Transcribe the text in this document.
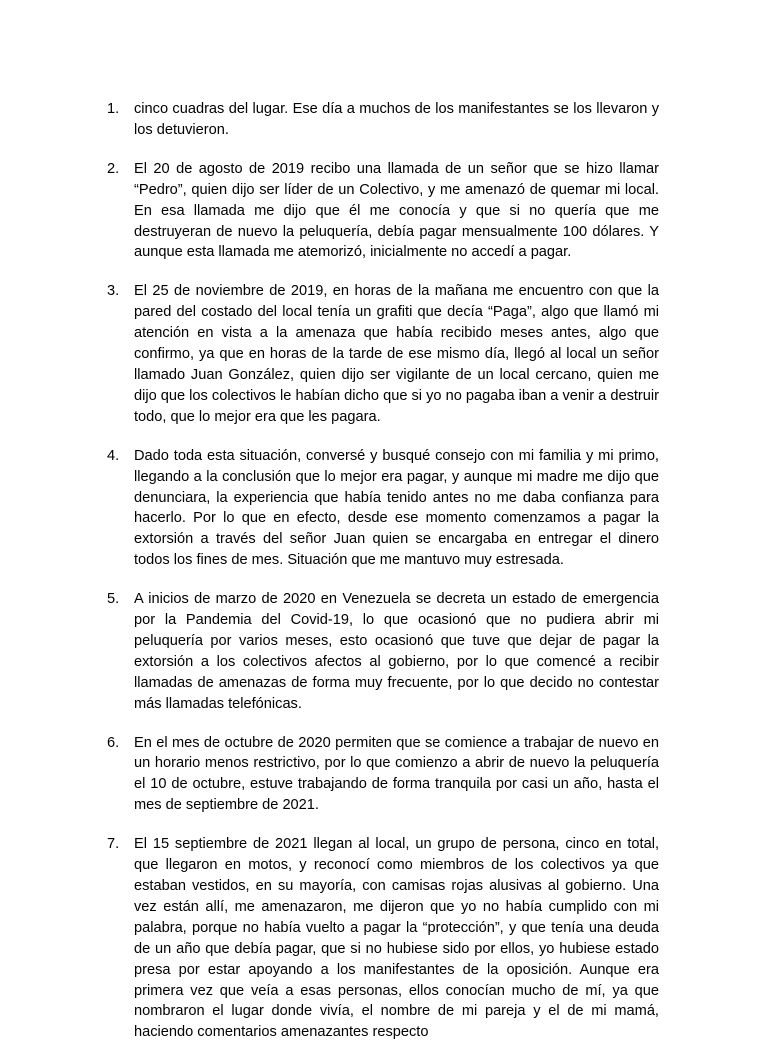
1. cinco cuadras del lugar. Ese día a muchos de los manifestantes se los llevaron y los detuvieron.
2. El 20 de agosto de 2019 recibo una llamada de un señor que se hizo llamar “Pedro”, quien dijo ser líder de un Colectivo, y me amenazó de quemar mi local. En esa llamada me dijo que él me conocía y que si no quería que me destruyeran de nuevo la peluquería, debía pagar mensualmente 100 dólares. Y aunque esta llamada me atemorizó, inicialmente no accedí a pagar.
3. El 25 de noviembre de 2019, en horas de la mañana me encuentro con que la pared del costado del local tenía un grafiti que decía “Paga”, algo que llamó mi atención en vista a la amenaza que había recibido meses antes, algo que confirmo, ya que en horas de la tarde de ese mismo día, llegó al local un señor llamado Juan González, quien dijo ser vigilante de un local cercano, quien me dijo que los colectivos le habían dicho que si yo no pagaba iban a venir a destruir todo, que lo mejor era que les pagara.
4. Dado toda esta situación, conversé y busqué consejo con mi familia y mi primo, llegando a la conclusión que lo mejor era pagar, y aunque mi madre me dijo que denunciara, la experiencia que había tenido antes no me daba confianza para hacerlo. Por lo que en efecto, desde ese momento comenzamos a pagar la extorsión a través del señor Juan quien se encargaba en entregar el dinero todos los fines de mes. Situación que me mantuvo muy estresada.
5. A inicios de marzo de 2020 en Venezuela se decreta un estado de emergencia por la Pandemia del Covid-19, lo que ocasionó que no pudiera abrir mi peluquería por varios meses, esto ocasionó que tuve que dejar de pagar la extorsión a los colectivos afectos al gobierno, por lo que comencé a recibir llamadas de amenazas de forma muy frecuente, por lo que decido no contestar más llamadas telefónicas.
6. En el mes de octubre de 2020 permiten que se comience a trabajar de nuevo en un horario menos restrictivo, por lo que comienzo a abrir de nuevo la peluquería el 10 de octubre, estuve trabajando de forma tranquila por casi un año, hasta el mes de septiembre de 2021.
7. El 15 septiembre de 2021 llegan al local, un grupo de persona, cinco en total, que llegaron en motos, y reconocí como miembros de los colectivos ya que estaban vestidos, en su mayoría, con camisas rojas alusivas al gobierno. Una vez están allí, me amenazaron, me dijeron que yo no había cumplido con mi palabra, porque no había vuelto a pagar la “protección”, y que tenía una deuda de un año que debía pagar, que si no hubiese sido por ellos, yo hubiese estado presa por estar apoyando a los manifestantes de la oposición. Aunque era primera vez que veía a esas personas, ellos conocían mucho de mí, ya que nombraron el lugar donde vivía, el nombre de mi pareja y el de mi mamá, haciendo comentarios amenazantes respecto
